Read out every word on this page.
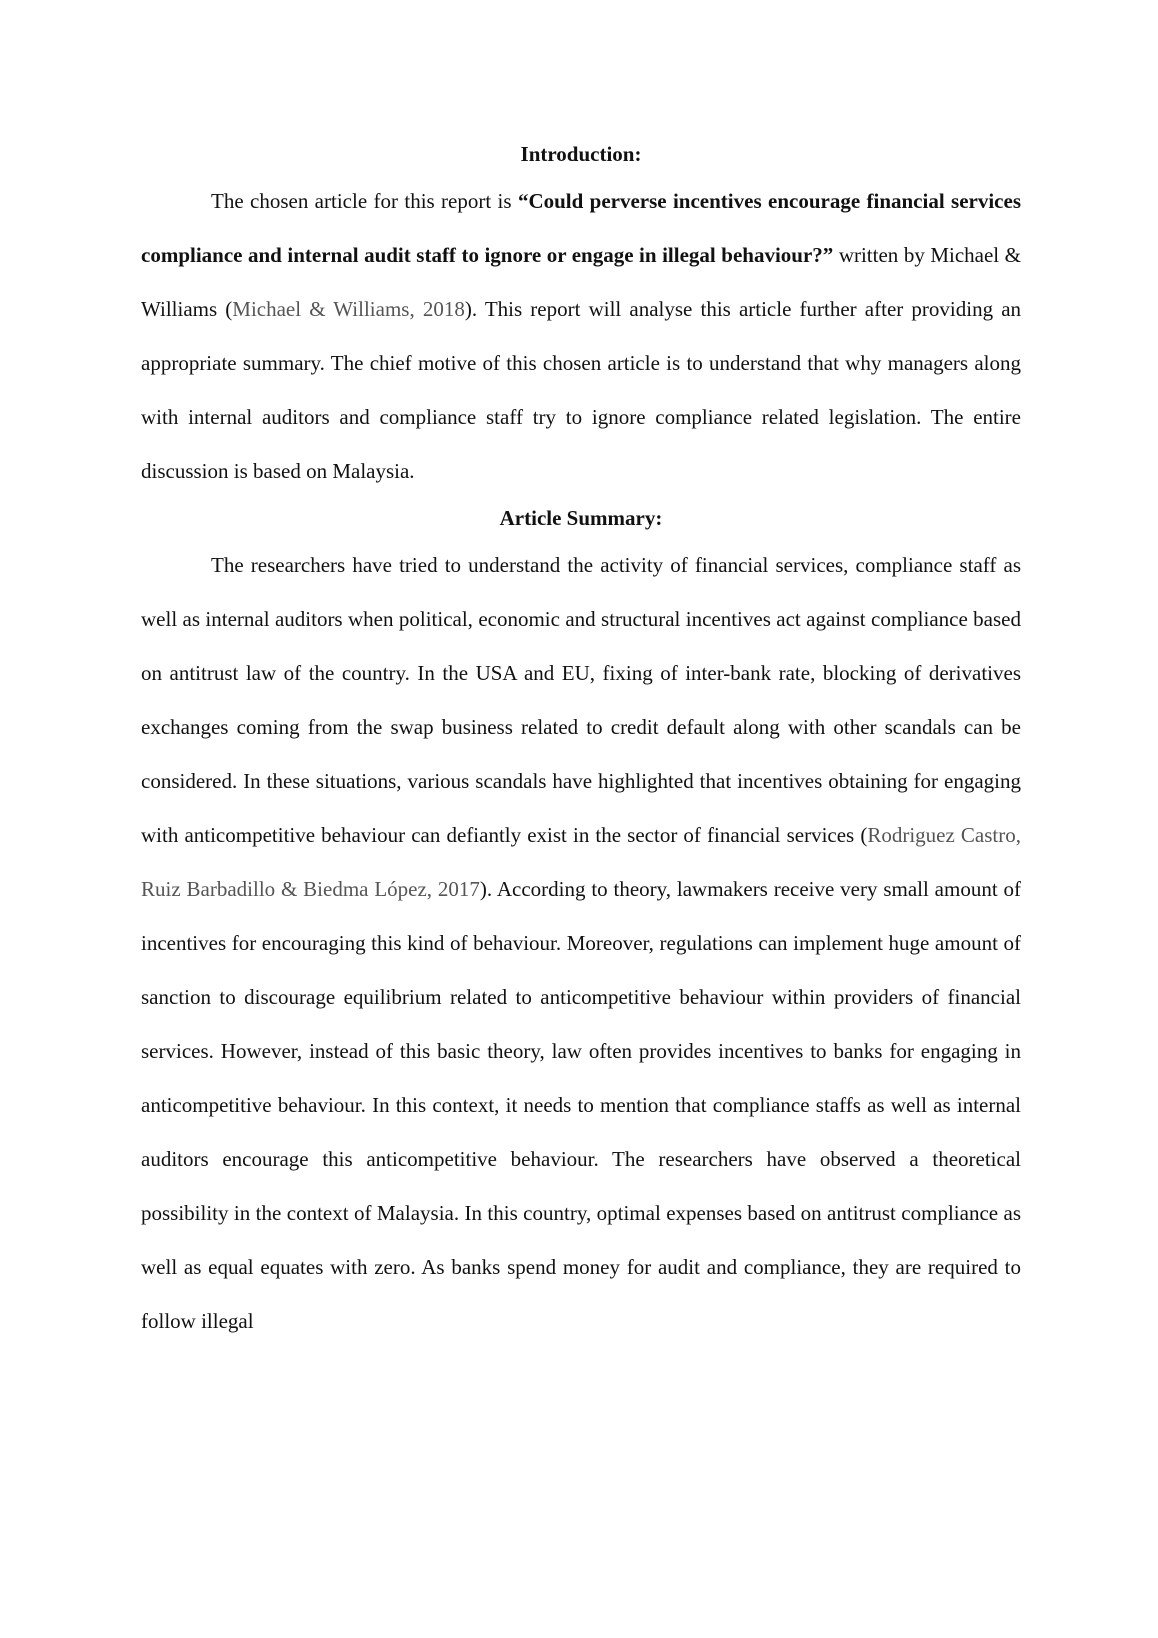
Introduction:

The chosen article for this report is “Could perverse incentives encourage financial services compliance and internal audit staff to ignore or engage in illegal behaviour?” written by Michael & Williams (Michael & Williams, 2018). This report will analyse this article further after providing an appropriate summary. The chief motive of this chosen article is to understand that why managers along with internal auditors and compliance staff try to ignore compliance related legislation. The entire discussion is based on Malaysia.

Article Summary:

The researchers have tried to understand the activity of financial services, compliance staff as well as internal auditors when political, economic and structural incentives act against compliance based on antitrust law of the country. In the USA and EU, fixing of inter-bank rate, blocking of derivatives exchanges coming from the swap business related to credit default along with other scandals can be considered. In these situations, various scandals have highlighted that incentives obtaining for engaging with anticompetitive behaviour can defiantly exist in the sector of financial services (Rodriguez Castro, Ruiz Barbadillo & Biedma López, 2017). According to theory, lawmakers receive very small amount of incentives for encouraging this kind of behaviour. Moreover, regulations can implement huge amount of sanction to discourage equilibrium related to anticompetitive behaviour within providers of financial services. However, instead of this basic theory, law often provides incentives to banks for engaging in anticompetitive behaviour. In this context, it needs to mention that compliance staffs as well as internal auditors encourage this anticompetitive behaviour. The researchers have observed a theoretical possibility in the context of Malaysia. In this country, optimal expenses based on antitrust compliance as well as equal equates with zero. As banks spend money for audit and compliance, they are required to follow illegal
